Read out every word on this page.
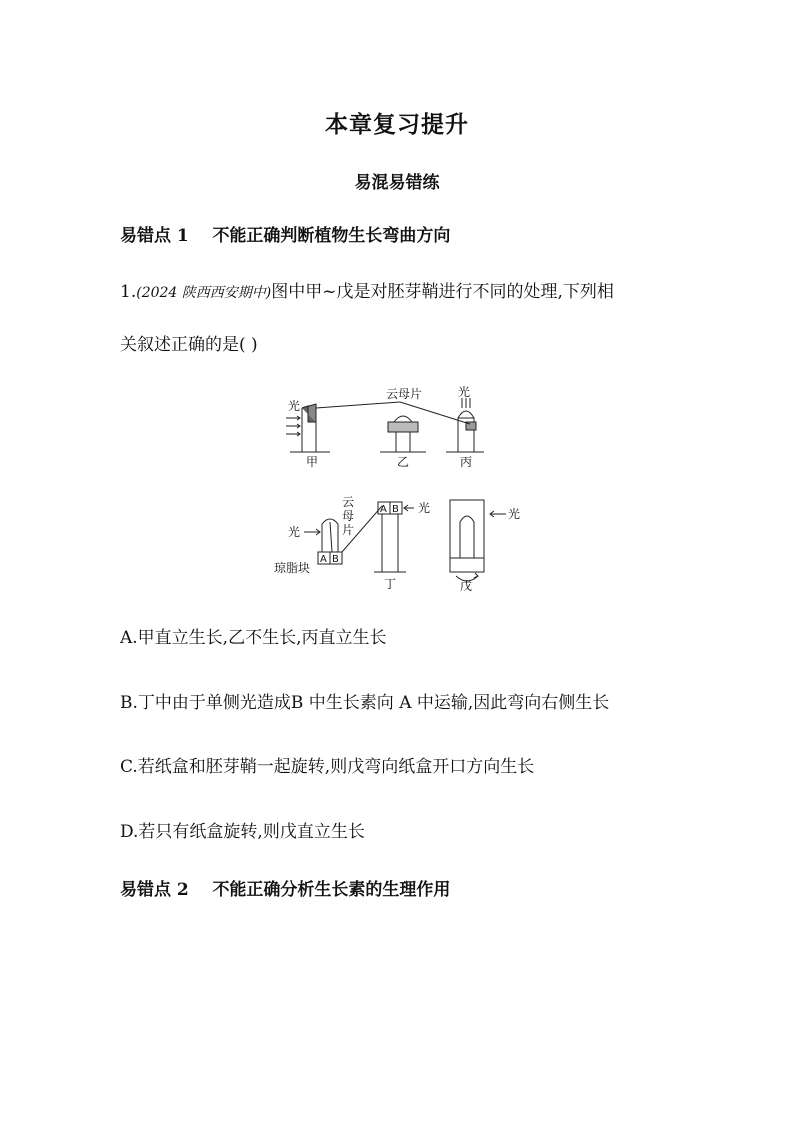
本章复习提升
易混易错练
易错点 1 不能正确判断植物生长弯曲方向
1.(2024 陕西西安期中)图中甲~戊是对胚芽鞘进行不同的处理,下列相
关叙述正确的是( )
光
云母片	光
甲	乙	丙
云
母
片
光
琼脂块
A B
A B 光
丁
光
戊
A.甲直立生长,乙不生长,丙直立生长
B.丁中由于单侧光造成B 中生长素向 A 中运输,因此弯向右侧生长
C.若纸盒和胚芽鞘一起旋转,则戊弯向纸盒开口方向生长
D.若只有纸盒旋转,则戊直立生长
易错点 2 不能正确分析生长素的生理作用
